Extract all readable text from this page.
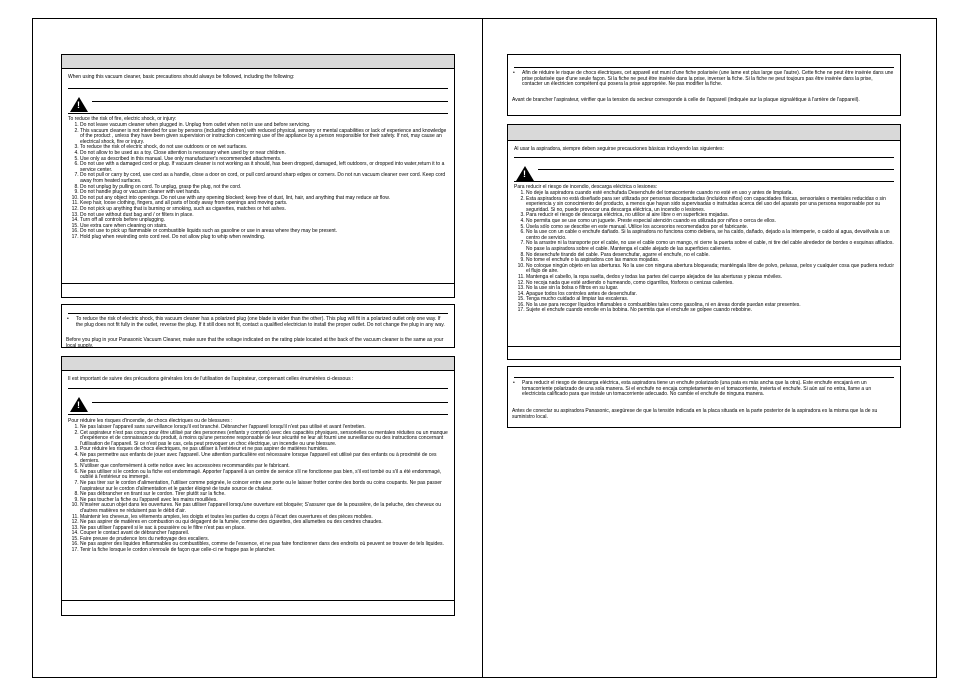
When using this vacuum cleaner, basic precautions should always be followed, including the following:

!

To reduce the risk of fire, electric shock, or injury:

1. Do not leave vacuum cleaner when plugged in. Unplug from outlet when not in use and before servicing.
2. This vacuum cleaner is not intended for use by persons (including children) with reduced physical, sensory or mental capabilities or lack of experience and knowledge of the product , unless they have been given supervision or instruction concerning use of the appliance by a person responsible for their safety. If not, may cause an electrical shock, fire or injury.
3. To reduce the risk of electric shock, do not use outdoors or on wet surfaces.
4. Do not allow to be used as a toy. Close attention is necessary when used by or near children.
5. Use only as described in this manual. Use only manufacturer's recommended attachments.
6. Do not use with a damaged cord or plug. If vacuum cleaner is not working as it should, has been dropped, damaged, left outdoors, or dropped into water,return it to a service center.
7. Do not pull or carry by cord, use cord as a handle, close a door on cord, or pull cord around sharp edges or corners. Do not run vacuum cleaner over cord. Keep cord away from heated surfaces.
8. Do not unplug by pulling on cord. To unplug, grasp the plug, not the cord.
9. Do not handle plug or vacuum cleaner with wet hands.
10. Do not put any object into openings. Do not use with any opening blocked; keep free of dust, lint, hair, and anything that may reduce air flow.
11. Keep hair, loose clothing, fingers, and all parts of body away from openings and moving parts.
12. Do not pick up anything that is burning or smoking, such as cigarettes, matches or hot ashes.
13. Do not use without dust bag and / or filters in place.
14. Turn off all controls before unplugging.
15. Use extra care when cleaning on stairs.
16. Do not use to pick up flammable or combustible liquids such as gasoline or use in areas where they may be present.
17. Hold plug when rewinding onto cord reel. Do not allow plug to whip when rewinding.
• To reduce the risk of electric shock, this vacuum cleaner has a polarized plug (one blade is wider than the other). This plug will fit in a polarized outlet only one way. If the plug does not fit fully in the outlet, reverse the plug. If it still does not fit, contact a qualified electrician to install the proper outlet. Do not change the plug in any way.

Before you plug in your Panasonic Vacuum Cleaner, make sure that the voltage indicated on the rating plate located at the back of the vacuum cleaner is the same as your local supply.

Il est important de suivre des précautions générales lors de l'utilisation de l'aspirateur, comprenant celles énumérées ci-dessous :

!

Pour réduire les risques d'incendie, de chocs électriques ou de blessures :

1. Ne pas laisser l'appareil sans surveillance lorsqu'il est branché. Débrancher l'appareil lorsqu'il n'est pas utilisé et avant l'entretien.
2. Cet aspirateur n'est pas conçu pour être utilisé par des personnes (enfants y compris) avec des capacités physiques, sensorielles ou mentales réduites ou un manque d'expérience et de connaissance du produit, à moins qu'une personne responsable de leur sécurité ne leur ait fourni une surveillance ou des instructions concernant l'utilisation de l'appareil. Si ce n'est pas le cas, cela peut provoquer un choc électrique, un incendie ou une blessure.
3. Pour réduire les risques de chocs électriques, ne pas utiliser à l'extérieur et ne pas aspirer de matières humides.
4. Ne pas permettre aux enfants de jouer avec l'appareil. Une attention particulière est nécessaire lorsque l'appareil est utilisé par des enfants ou à proximité de ces derniers.
5. N'utiliser que conformément à cette notice avec les accessoires recommandés par le fabricant.
6. Ne pas utiliser si le cordon ou la fiche est endommagé. Apporter l'appareil à un centre de service s'il ne fonctionne pas bien, s'il est tombé ou s'il a été endommagé, oublié à l'extérieur ou immergé.
7. Ne pas tirer sur le cordon d'alimentation, l'utiliser comme poignée, le coincer entre une porte ou le laisser frotter contre des bords ou coins coupants. Ne pas passer l'aspirateur sur le cordon d'alimentation et le garder éloigné de toute source de chaleur.
8. Ne pas débrancher en tirant sur le cordon. Tirer plutôt sur la fiche.
9. Ne pas toucher la fiche ou l'appareil avec les mains mouillées.
10. N'insérer aucun objet dans les ouvertures. Ne pas utiliser l'appareil lorsqu'une ouverture est bloquée; S'assurer que de la poussière, de la peluche, des cheveux ou d'autres matières ne réduisent pas le débit d'air.
11. Maintenir les cheveux, les vêtements amples, les doigts et toutes les parties du corps à l'écart des ouvertures et des pièces mobiles.
12. Ne pas aspirer de matières en combustion ou qui dégagent de la fumée, comme des cigarettes, des allumettes ou des cendres chaudes.
13. Ne pas utiliser l'appareil si le sac à poussière ou le filtre n'est pas en place.
14. Couper le contact avant de débrancher l'appareil.
15. Faire preuve de prudence lors du nettoyage des escaliers.
16. Ne pas aspirer des liquides inflammables ou combustibles, comme de l'essence, et ne pas faire fonctionner dans des endroits où peuvent se trouver de tels liquides.
17. Tenir la fiche lorsque le cordon s'enroule de façon que celle-ci ne frappe pas le plancher.
• Afin de réduire le risque de chocs électriques, cet appareil est muni d'une fiche polarisée (une lame est plus large que l'autre). Cette fiche ne peut être insérée dans une prise polarisée que d'une seule façon. Si la fiche ne peut être insérée dans la prise, inverser la fiche. Si la fiche ne peut toujours pas être insérée dans la prise, contacter un électricien compétent qui posera la prise appropriée. Ne pas modifier la fiche.

Avant de brancher l'aspirateur, vérifier que la tension du secteur corresponde à celle de l'appareil (indiquée sur la plaque signalétique à l'arrière de l'appareil).

Al usar la aspiradora, siempre deben seguirse precauciones básicas incluyendo las siguientes:

!

Para reducir el riesgo de incendio, descarga eléctrica o lesiones:

1. No deje la aspiradora cuando esté enchufada Desenchufe del tomacorriente cuando no esté en uso y antes de limpiarla.
2. Esta aspiradora no está diseñado para ser utilizada por personas discapacitadas (incluidos niños) con capacidades físicas, sensoriales o mentales reducidas o sin experiencia y sin conocimiento del producto, a menos que hayan sido supervisadas o instruidas acerca del uso del aparato por una persona responsable por su seguridad. Si no, puede provocar una descarga eléctrica, un incendio o lesiones.
3. Para reducir el riesgo de descarga eléctrica, no utilice al aire libre o en superficies mojadas.
4. No permita que se use como un juguete. Preste especial atención cuando es utilizada por niños o cerca de ellos.
5. Úsela sólo como se describe en este manual. Utilice los accesorios recomendados por el fabricante.
6. No la use con un cable o enchufe dañado. Si la aspiradora no funciona como debiera, se ha caído, dañado, dejado a la intemperie, o caído al agua, devuélvala a un centro de servicio.
7. No la arrastre ni la transporte por el cable, no use el cable como un mango, ni cierre la puerta sobre el cable, ni tire del cable alrededor de bordes o esquinas afilados. No pase la aspiradora sobre el cable. Mantenga el cable alejado de las superficies calientes.
8. No desenchufe tirando del cable. Para desenchufar, agarre el enchufe, no el cable.
9. No tome el enchufe o la aspiradora con las manos mojadas.
10. No coloque ningún objeto en las aberturas. No la use con ninguna abertura bloqueada; manténgala libre de polvo, pelusas, pelos y cualquier cosa que pudiera reducir el flujo de aire.
11. Mantenga el cabello, la ropa suelta, dedos y todas las partes del cuerpo alejados de las aberturas y piezas móviles.
12. No recoja nada que esté ardiendo o humeando, como cigarrillos, fósforos o cenizas calientes.
13. No la use sin la bolsa o filtros en su lugar.
14. Apague todos los controles antes de desenchufar.
15. Tenga mucho cuidado al limpiar las escaleras.
16. No la use para recoger líquidos inflamables o combustibles tales como gasolina, ni en áreas donde puedan estar presentes.
17. Sujete el enchufe cuando enrolle en la bobina. No permita que el enchufe se golpee cuando rebobine.
• Para reducir el riesgo de descarga eléctrica, esta aspiradora tiene un enchufe polarizado (una pata es más ancha que la otra). Este enchufe encajará en un tomacorriente polarizado de una sola manera. Si el enchufe no encaja completamente en el tomacorriente, invierta el enchufe. Si aún así no entra, llame a un electricista calificado para que instale un tomacorriente adecuado. No cambie el enchufe de ninguna manera.

Antes de conectar su aspiradora Panasonic, asegúrese de que la tensión indicada en la placa situada en la parte posterior de la aspiradora es la misma que la de su suministro local.
